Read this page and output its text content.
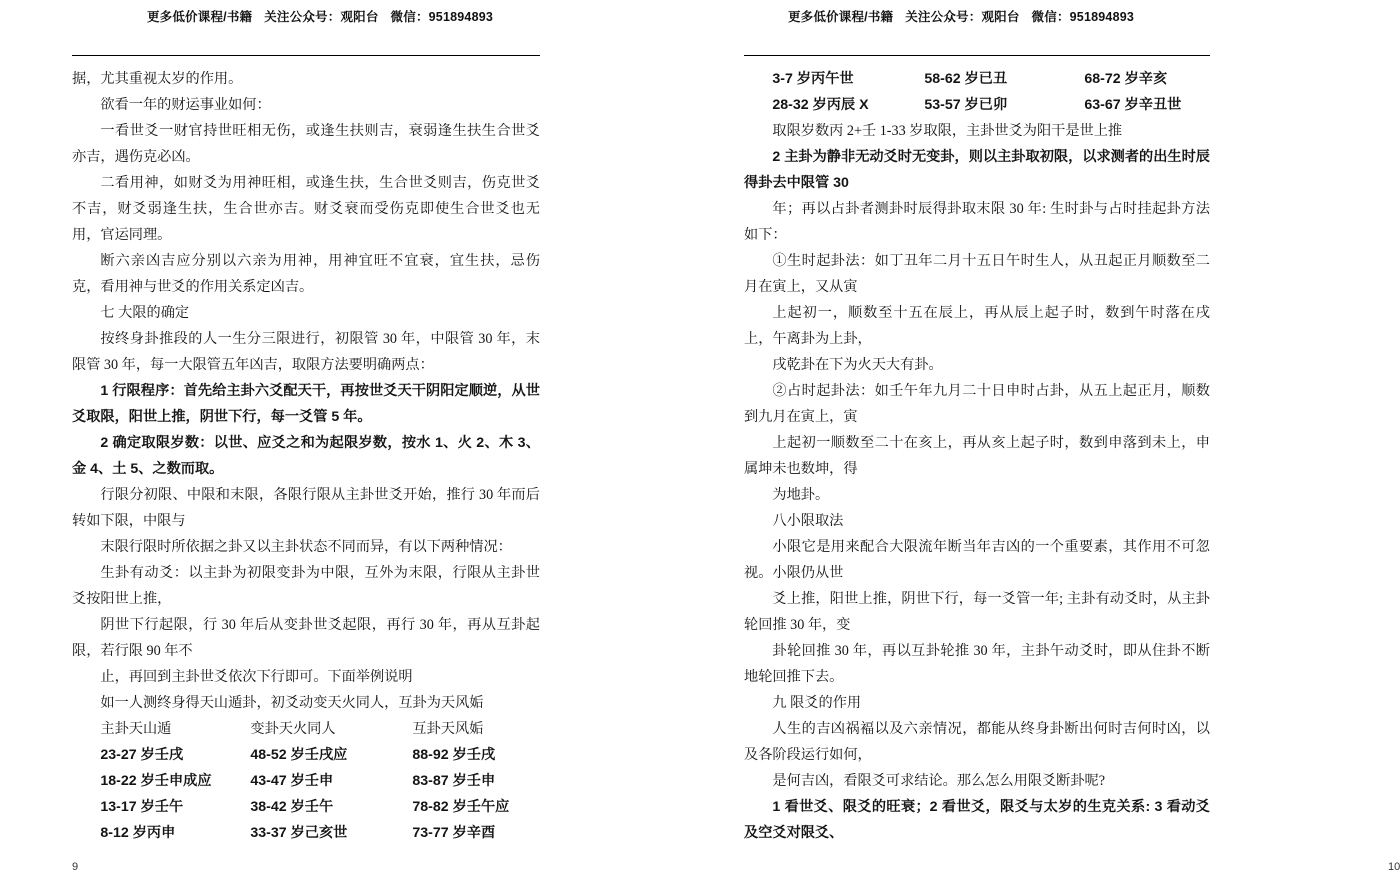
更多低价课程/书籍 关注公众号：观阳台 微信：951894893

据，尤其重视太岁的作用。

欲看一年的财运事业如何：

一看世爻一财官持世旺相无伤，或逢生扶则吉，衰弱逢生扶生合世爻亦吉，遇伤克必凶。

二看用神，如财爻为用神旺相，或逢生扶，生合世爻则吉，伤克世爻不吉，财爻弱逢生扶，生合世亦吉。财爻衰而受伤克即使生合世爻也无用，官运同理。

断六亲凶吉应分别以六亲为用神，用神宜旺不宜衰，宜生扶，忌伤克，看用神与世爻的作用关系定凶吉。

七 大限的确定

按终身卦推段的人一生分三限进行，初限管 30 年，中限管 30 年，末限管 30 年，每一大限管五年凶吉，取限方法要明确两点：

1 行限程序：首先给主卦六爻配天干，再按世爻天干阴阳定顺逆，从世爻取限，阳世上推，阴世下行，每一爻管 5 年。

2 确定取限岁数：以世、应爻之和为起限岁数，按水 1、火 2、木 3、金 4、土 5、之数而取。

行限分初限、中限和末限，各限行限从主卦世爻开始，推行 30 年而后转如下限，中限与

末限行限时所依据之卦又以主卦状态不同而异，有以下两种情况：

生卦有动爻：以主卦为初限变卦为中限，互外为末限，行限从主卦世爻按阳世上推，

阴世下行起限，行 30 年后从变卦世爻起限，再行 30 年，再从互卦起限，若行限 90 年不

止，再回到主卦世爻依次下行即可。下面举例说明

如一人测终身得天山遁卦，初爻动变天火同人，互卦为天风姤

主卦天山遁	变卦天火同人	互卦天风姤
23-27 岁壬戌	48-52 岁壬戌应	88-92 岁壬戌
18-22 岁壬申成应	43-47 岁壬申	83-87 岁壬申
13-17 岁壬午	38-42 岁壬午	78-82 岁壬午应
8-12 岁丙申	33-37 岁己亥世	73-77 岁辛酉
9
更多低价课程/书籍 关注公众号：观阳台 微信：951894893
3-7 岁丙午世	58-62 岁已丑	68-72 岁辛亥
28-32 岁丙辰 X	53-57 岁已卯	63-67 岁辛丑世

取限岁数丙 2+壬 1-33 岁取限，主卦世爻为阳干是世上推

2 主卦为静非无动爻时无变卦，则以主卦取初限，以求测者的出生时辰得卦去中限管 30

年；再以占卦者测卦时辰得卦取末限 30 年: 生时卦与占时挂起卦方法如下：

①生时起卦法：如丁丑年二月十五日午时生人，从丑起正月顺数至二月在寅上，又从寅

上起初一，顺数至十五在辰上，再从辰上起子时，数到午时落在戌上，午离卦为上卦，

戌乾卦在下为火天大有卦。

②占时起卦法：如壬午年九月二十日申时占卦，从五上起正月，顺数到九月在寅上，寅

上起初一顺数至二十在亥上，再从亥上起子时，数到申落到未上，申属坤未也数坤，得

为地卦。

八小限取法

小限它是用来配合大限流年断当年吉凶的一个重要素，其作用不可忽视。小限仍从世

爻上推，阳世上推，阴世下行，每一爻管一年; 主卦有动爻时，从主卦轮回推 30 年，变

卦轮回推 30 年，再以互卦轮推 30 年，主卦午动爻时，即从住卦不断地轮回推下去。

九 限爻的作用

人生的吉凶祸褔以及六亲情况，都能从终身卦断出何时吉何时凶，以及各阶段运行如何，

是何吉凶，看限爻可求结论。那么怎么用限爻断卦呢?

1 看世爻、限爻的旺衰；2 看世爻，限爻与太岁的生克关系: 3 看动爻及空爻对限爻、

10
